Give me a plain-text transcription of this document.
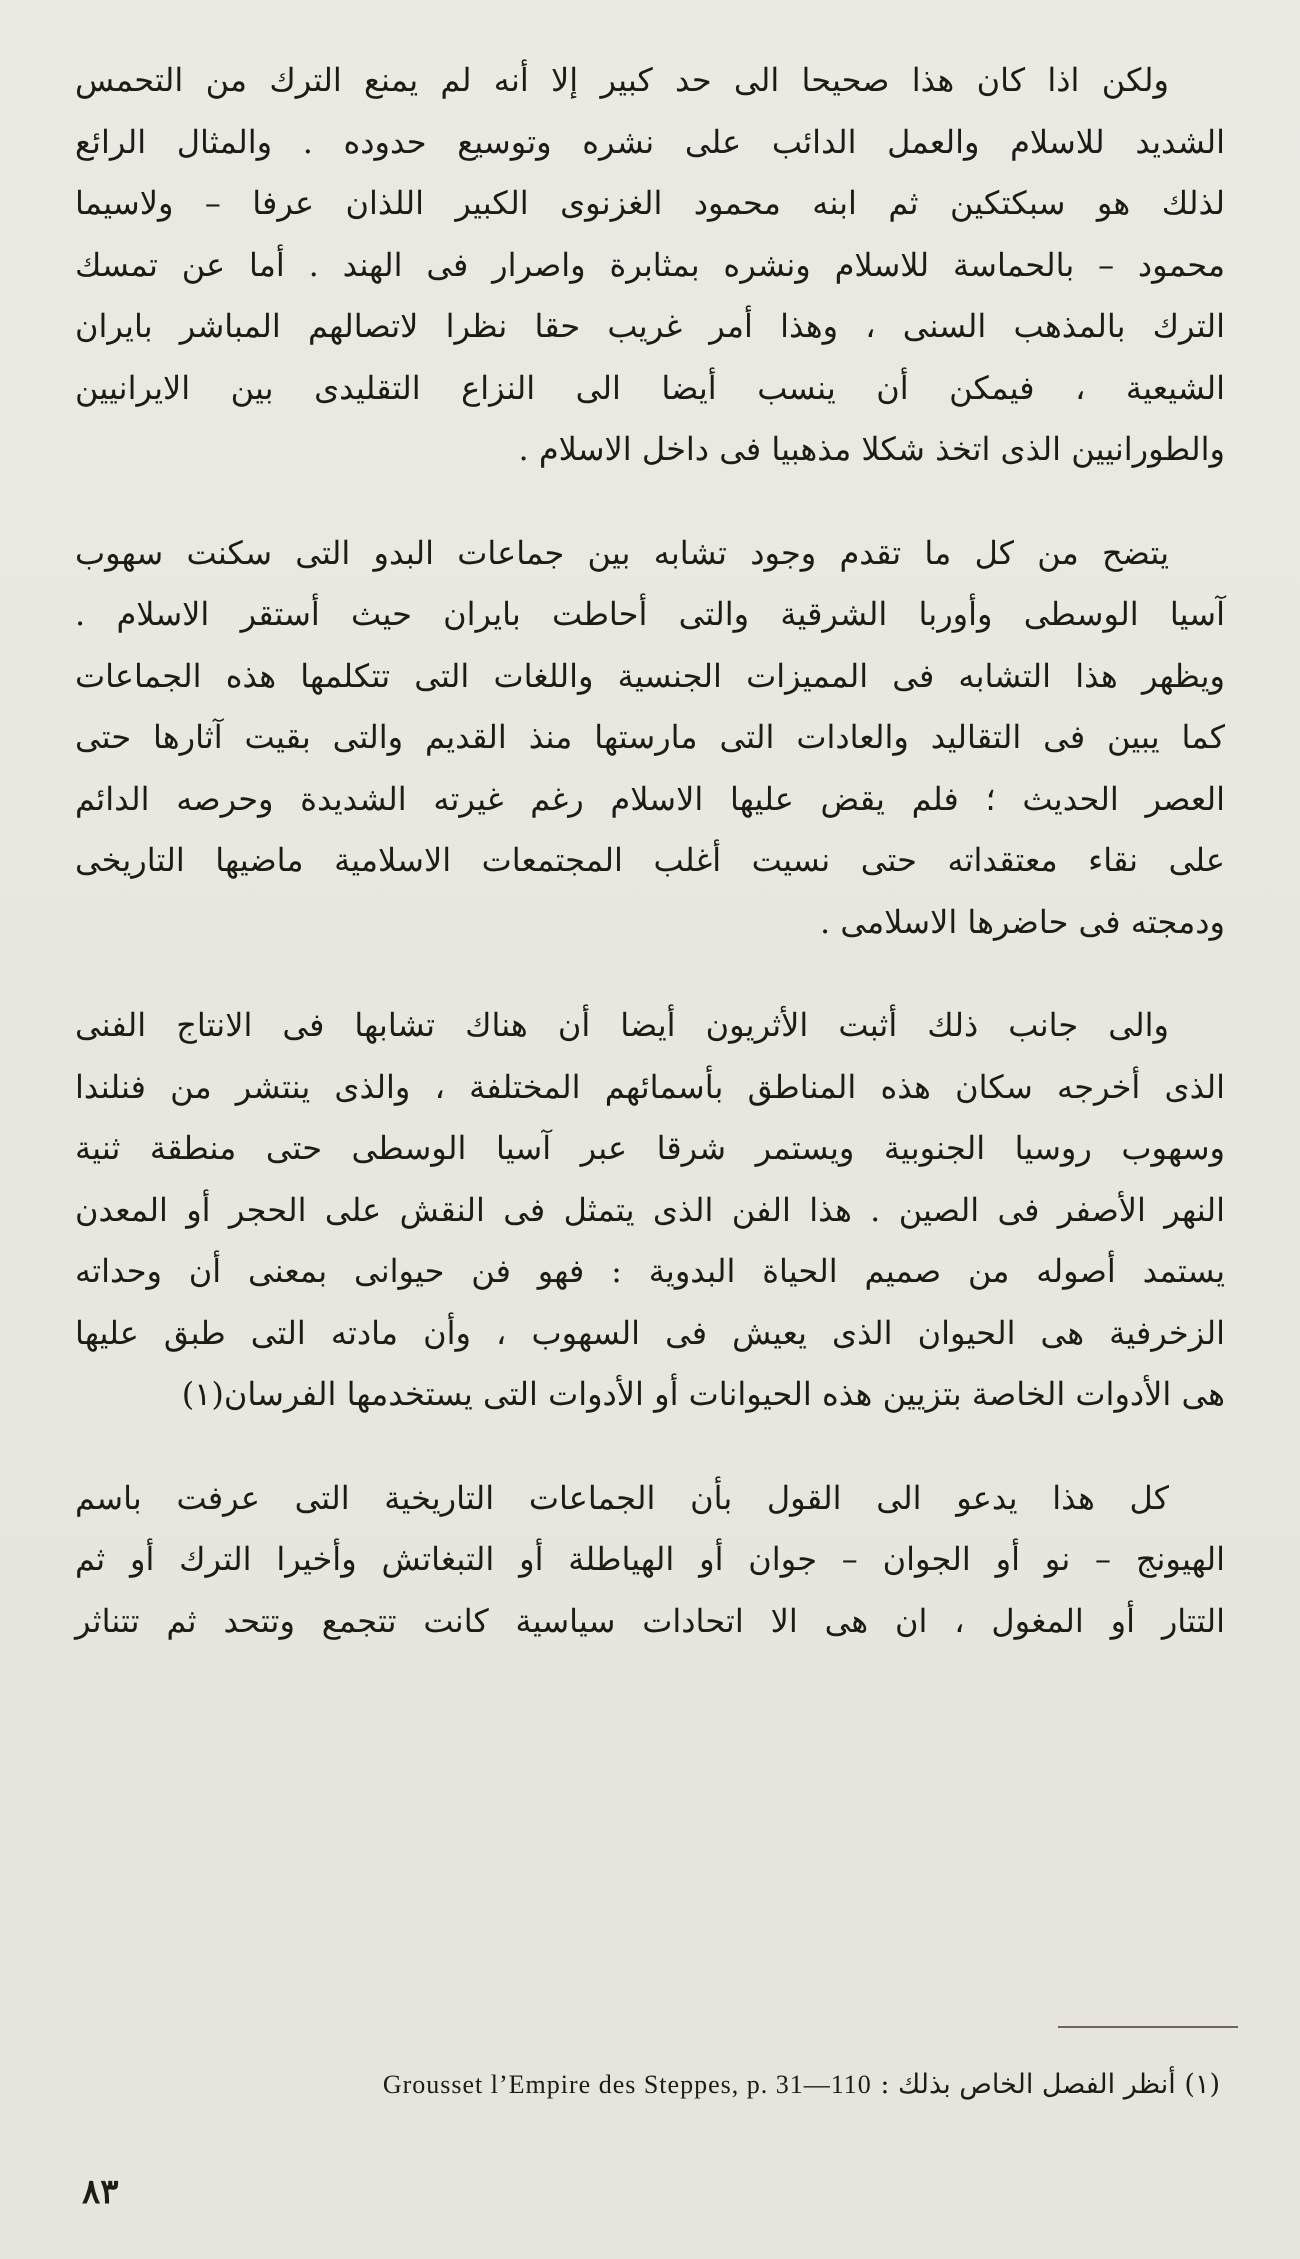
ولكن اذا كان هذا صحيحا الى حد كبير إلا أنه لم يمنع الترك من التحمس
الشديد للاسلام والعمل الدائب على نشره وتوسيع حدوده . والمثال الرائع
لذلك هو سبكتكين ثم ابنه محمود الغزنوى الكبير اللذان عرفا – ولاسيما
محمود – بالحماسة للاسلام ونشره بمثابرة واصرار فى الهند . أما عن تمسك
الترك بالمذهب السنى ، وهذا أمر غريب حقا نظرا لاتصالهم المباشر بايران
الشيعية ، فيمكن أن ينسب أيضا الى النزاع التقليدى بين الايرانيين
والطورانيين الذى اتخذ شكلا مذهبيا فى داخل الاسلام .

يتضح من كل ما تقدم وجود تشابه بين جماعات البدو التى سكنت سهوب
آسيا الوسطى وأوربا الشرقية والتى أحاطت بايران حيث أستقر الاسلام .
ويظهر هذا التشابه فى المميزات الجنسية واللغات التى تتكلمها هذه الجماعات
كما يبين فى التقاليد والعادات التى مارستها منذ القديم والتى بقيت آثارها حتى
العصر الحديث ؛ فلم يقض عليها الاسلام رغم غيرته الشديدة وحرصه الدائم
على نقاء معتقداته حتى نسيت أغلب المجتمعات الاسلامية ماضيها التاريخى
ودمجته فى حاضرها الاسلامى .

والى جانب ذلك أثبت الأثريون أيضا أن هناك تشابها فى الانتاج الفنى
الذى أخرجه سكان هذه المناطق بأسمائهم المختلفة ، والذى ينتشر من فنلندا
وسهوب روسيا الجنوبية ويستمر شرقا عبر آسيا الوسطى حتى منطقة ثنية
النهر الأصفر فى الصين . هذا الفن الذى يتمثل فى النقش على الحجر أو المعدن
يستمد أصوله من صميم الحياة البدوية : فهو فن حيوانى بمعنى أن وحداته
الزخرفية هى الحيوان الذى يعيش فى السهوب ، وأن مادته التى طبق عليها
هى الأدوات الخاصة بتزيين هذه الحيوانات أو الأدوات التى يستخدمها الفرسان(١)

كل هذا يدعو الى القول بأن الجماعات التاريخية التى عرفت باسم
الهيونج – نو أو الجوان – جوان أو الهياطلة أو التبغاتش وأخيرا الترك أو ثم
التتار أو المغول ، ان هى الا اتحادات سياسية كانت تتجمع وتتحد ثم تتناثر

(١) أنظر الفصل الخاص بذلك : Grousset l’Empire des Steppes, p. 31—110
٨٣
